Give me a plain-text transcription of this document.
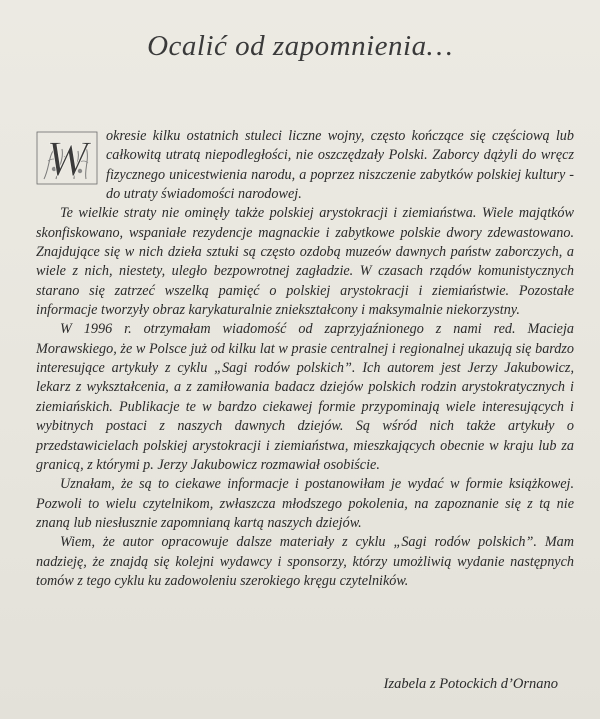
Ocalić od zapomnienia…

W	okresie kilku ostatnich stuleci liczne wojny, często kończące się częściową lub całkowitą utratą niepodległości, nie oszczędzały Polski. Zaborcy dążyli do wręcz fizycznego unicestwienia narodu, a poprzez niszczenie zabytków polskiej kultury - do utraty świadomości narodowej.

Te wielkie straty nie ominęły także polskiej arystokracji i ziemiaństwa. Wiele majątków skonfiskowano, wspaniałe rezydencje magnackie i zabytkowe polskie dwory zdewastowano. Znajdujące się w nich dzieła sztuki są często ozdobą muzeów dawnych państw zaborczych, a wiele z nich, niestety, uległo bezpowrotnej zagładzie. W czasach rządów komunistycznych starano się zatrzeć wszelką pamięć o polskiej arystokracji i ziemiaństwie. Pozostałe informacje tworzyły obraz karykaturalnie zniekształcony i maksymalnie niekorzystny.

W 1996 r. otrzymałam wiadomość od zaprzyjaźnionego z nami red. Macieja Morawskiego, że w Polsce już od kilku lat w prasie centralnej i regionalnej ukazują się bardzo interesujące artykuły z cyklu „Sagi rodów polskich”. Ich autorem jest Jerzy Jakubowicz, lekarz z wykształcenia, a z zamiłowania badacz dziejów polskich rodzin arystokratycznych i ziemiańskich. Publikacje te w bardzo ciekawej formie przypominają wiele interesujących i wybitnych postaci z naszych dawnych dziejów. Są wśród nich także artykuły o przedstawicielach polskiej arystokracji i ziemiaństwa, mieszkających obecnie w kraju lub za granicą, z którymi p. Jerzy Jakubowicz rozmawiał osobiście.

Uznałam, że są to ciekawe informacje i postanowiłam je wydać w formie książkowej. Pozwoli to wielu czytelnikom, zwłaszcza młodszego pokolenia, na zapoznanie się z tą nie znaną lub niesłusznie zapomnianą kartą naszych dziejów.

Wiem, że autor opracowuje dalsze materiały z cyklu „Sagi rodów polskich”. Mam nadzieję, że znajdą się kolejni wydawcy i sponsorzy, którzy umożliwią wydanie następnych tomów z tego cyklu ku zadowoleniu szerokiego kręgu czytelników.

Izabela z Potockich d’Ornano
